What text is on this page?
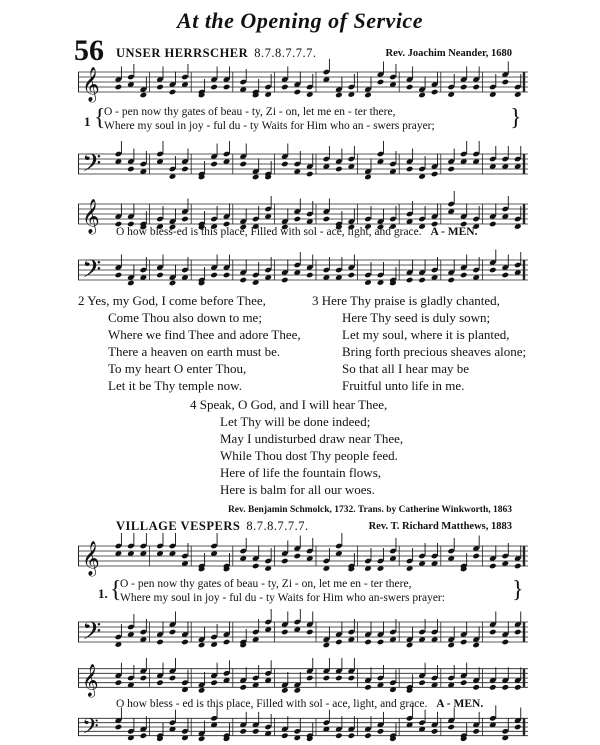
At the Opening of Service
56 UNSER HERRSCHER 8.7.8.7.7.7.	Rev. Joachim Neander, 1680
𝄞
1 {
O - pen now thy gates of beau - ty, Zi - on, let me en - ter there,
Where my soul in joy - ful du - ty Waits for Him who an - swers prayer;	}
𝄢
𝄞 O how bless-ed is this place, Filled with sol - ace, light, and grace. A - MEN.
𝄢
2 Yes, my God, I come before Thee,
Come Thou also down to me;
Where we find Thee and adore Thee,
There a heaven on earth must be.
To my heart O enter Thou,
Let it be Thy temple now.
3 Here Thy praise is gladly chanted,
Here Thy seed is duly sown;
Let my soul, where it is planted,
Bring forth precious sheaves alone;
So that all I hear may be
Fruitful unto life in me.
4 Speak, O God, and I will hear Thee,
Let Thy will be done indeed;
May I undisturbed draw near Thee,
While Thou dost Thy people feed.
Here of life the fountain flows,
Here is balm for all our woes.
Rev. Benjamin Schmolck, 1732. Trans. by Catherine Winkworth, 1863
VILLAGE VESPERS 8.7.8.7.7.7.	Rev. T. Richard Matthews, 1883
𝄞
1. {
O - pen now thy gates of beau - ty, Zi - on, let me en - ter there,
Where my soul in joy - ful du - ty Waits for Him who an-swers prayer:	}
𝄢
𝄞
O how bless - ed is this place, Filled with sol - ace, light, and grace. A - MEN.
𝄢
